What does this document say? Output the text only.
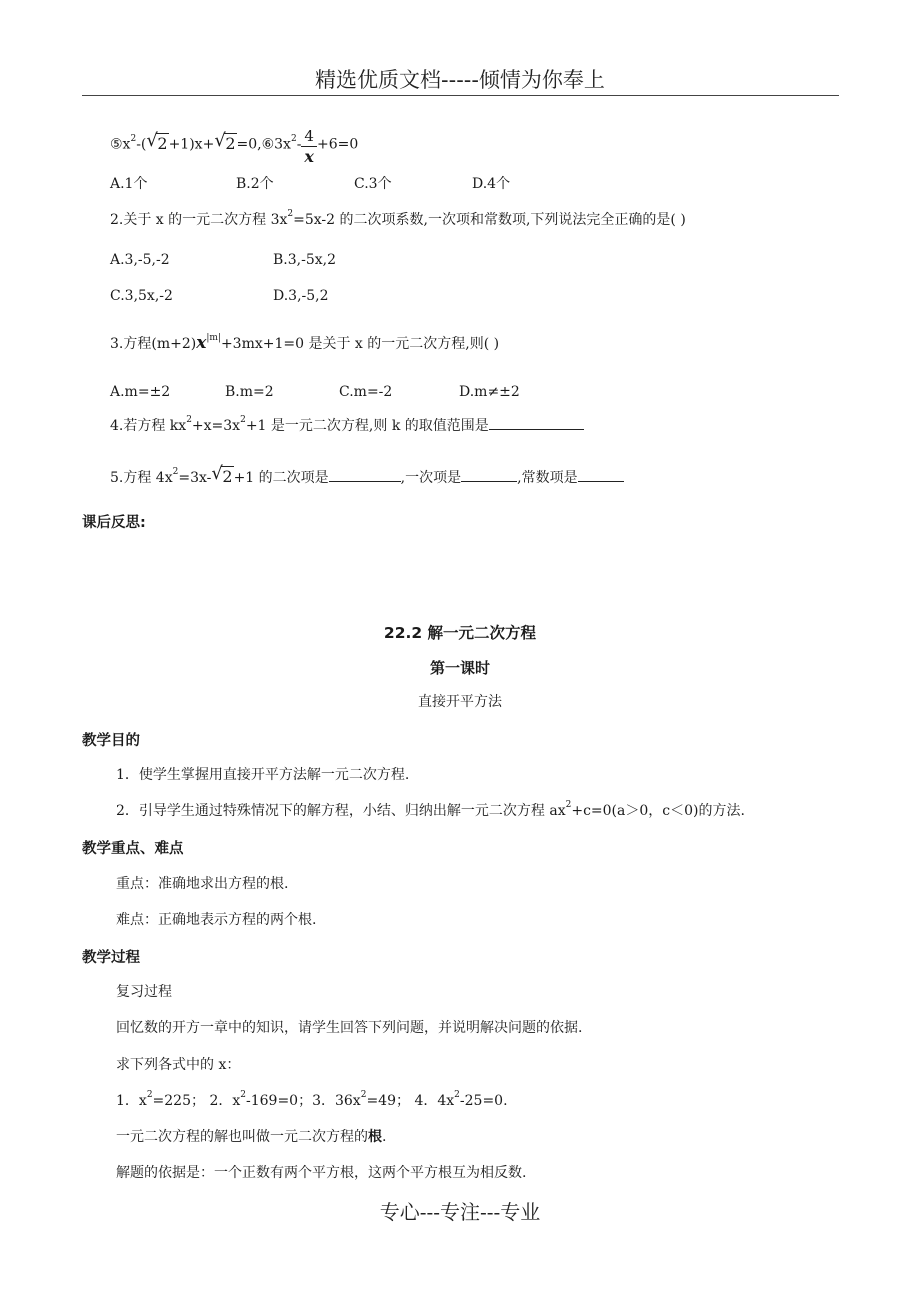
精选优质文档-----倾情为你奉上
$⑤x^2-$( √ 2+1)x+ √ $2=0,⑥3x^2- \frac{4}{x} +6=0$
A.1个	B.2个	C.3个	D.4个
2.关于 x 的一元二次方程 $3x^2=5x-2$ 的二次项系数,一次项和常数项,下列说法完全正确的是( )
A.3,-5,-2	B.3,-5x,2
C.3,5x,-2	D.3,-5,2
3.方程$(m+2)x^{|m|}+3mx+1=0$ 是关于 x 的一元二次方程,则( )
A.m=±2	B.m=2	C.m=-2	D.m≠±2
4.若方程 $kx^2+x=3x^2+1$ 是一元二次方程,则 k 的取值范围是
5.方程 $4x^2=3x-$ √ 2+1 的二次项是	,一次项是	,常数项是
课后反思:
22.2 解一元二次方程
第一课时
直接开平方法
教学目的
1．使学生掌握用直接开平方法解一元二次方程.
2．引导学生通过特殊情况下的解方程，小结、归纳出解一元二次方程 $ax^2+c=0(a>0$，c＜0)的方法.
教学重点、难点
重点：准确地求出方程的根.
难点：正确地表示方程的两个根.
教学过程
复习过程
回忆数的开方一章中的知识，请学生回答下列问题，并说明解决问题的依据.
求下列各式中的 x：
1．$x^2=225$； 2．$x^2-169=0$；3．$36x^2=49$； 4．$4x^2-25=0$.
一元二次方程的解也叫做一元二次方程的根.
解题的依据是：一个正数有两个平方根，这两个平方根互为相反数.
专心---专注---专业
